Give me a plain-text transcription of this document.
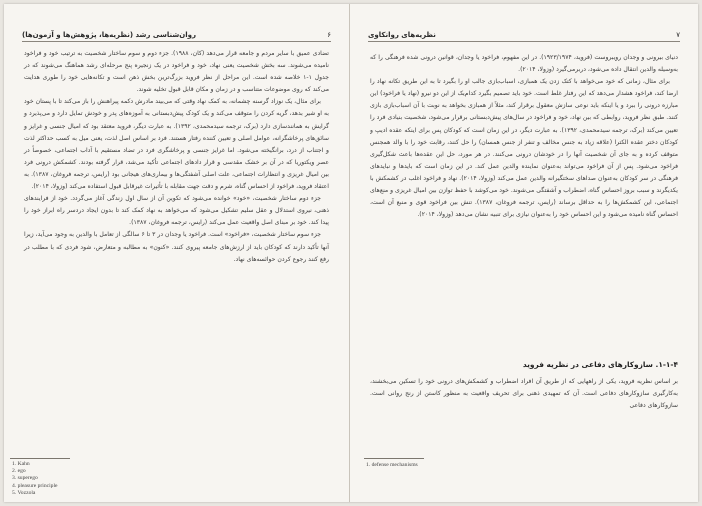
۶
روان‌شناسی رشد (نظریه‌ها، پژوهش‌ها و آزمون‌ها)

تضادی عمیق با سایر مردم و جامعه قرار می‌دهد (کان، ۱۹۸۸). جزء دوم و سوم ساختار شخصیت به ترتیب خود و فراخود نامیده می‌شوند. سه بخش شخصیت یعنی نهاد، خود و فراخود در یک زنجیره پنج مرحله‌ای رشد هماهنگ می‌شوند که در جدول ۱-۱ خلاصه شده است. این مراحل از نظر فروید بزرگ‌ترین بخش ذهن است و تکانه‌هایی خود را طوری هدایت می‌کند که روی موضوعات متناسب و در زمان و مکان قابل قبول تخلیه شوند.

برای مثال، یک نوزاد گرسنه چشمانه، به کمک نهاد وقتی که می‌بیند مادرش دکمه پیراهنش را باز می‌کند تا با پستان خود به او شیر بدهد، گریه کردن را متوقف می‌کند و یک کودک پیش‌دبستانی به آموزه‌های پدر و خودش تمایل دارد و می‌پذیرد و گرایش به همانندسازی دارد (برک، ترجمه سیدمحمدی، ۱۳۹۲). به عبارت دیگر، فروید معتقد بود که امیال جنسی و غرایز و سائق‌های پرخاشگرانه، عوامل اصلی و تعیین کننده رفتار هستند. فرد بر اساس اصل لذت، یعنی میل به کسب حداکثر لذت و اجتناب از درد، برانگیخته می‌شود. اما غرایز جنسی و پرخاشگری فرد در تضاد مستقیم با آداب اجتماعی، خصوصاً در عصر ویکتوریا که در آن بر خشک مقدسی و قرار دادهای اجتماعی تأکید می‌شد، قرار گرفته بودند. کشمکش درونی فرد بین امیال غریزی و انتظارات اجتماعی، علت اصلی آشفتگی‌ها و بیماری‌های هیجانی بود (رایس، ترجمه فروغان، ۱۳۸۷). به اعتقاد فروید، فراخود از احساس گناه، شرم و دقت جهت مقابله با تأثیرات غیرقابل قبول استفاده می‌کند (وزولا، ۲۰۱۴).

جزء دوم ساختار شخصیت، «خود» خوانده می‌شود که تکوین آن از سال اول زندگی آغاز می‌گردد. خود از فرایندهای ذهنی، نیروی استدلال و عقل سلیم تشکیل می‌شود که می‌خواهد به نهاد کمک کند تا بدون ایجاد دردسر راه ابراز خود را پیدا کند. خود بر مبنای اصل واقعیت عمل می‌کند (رایس، ترجمه فروغان، ۱۳۸۷).

جزء سوم ساختار شخصیت، «فراخود» است. فراخود یا وجدان در ۳ تا ۶ سالگی از تعامل با والدین به وجود می‌آید، زیرا آنها تأکید دارند که کودکان باید از ارزش‌های جامعه پیروی کنند. «کنون» به مطالبه و متعارض، شود فردی که با مطلب در رفع کنند رجوع کردن حوائسه‌های نهاد.

1. Kahn
2. ego
3. superego
4. pleasure principle
5. Vozzola
۷
نظریه‌های روانکاوی

دنیای بیرونی و وجدان رویبروست (فروید، ۱۹۲۳/۱۹۷۴). در این مفهوم، فراخود یا وجدان، قوانین درونی شده فرهنگی را که به‌وسیله والدین انتقال داده می‌شود، دربرمی‌گیرد (وزولا، ۲۰۱۴).

برای مثال، زمانی که خود می‌خواهد با کتک زدن یک همبازی، اسباب‌بازی جالب او را بگیرد تا به این طریق تکانه نهاد را ارضا کند، فراخود هشدار می‌دهد که این رفتار غلط است. خود باید تصمیم بگیرد کدام‌یک از این دو نیرو (نهاد یا فراخود) این مبارزه درونی را ببرد و یا اینکه باید نوعی سازش معقول برقرار کند، مثلاً از همبازی بخواهد به نوبت با آن اسباب‌بازی بازی کنند. طبق نظر فروید، روابطی که بین نهاد، خود و فراخود در سال‌های پیش‌دبستانی برقرار می‌شود، شخصیت بنیادی فرد را تعیین می‌کند (برک، ترجمه سیدمحمدی، ۱۳۹۲). به عبارت دیگر، در این زمان است که کودکان پس برای اینکه عقده ادیپ و کودکان دختر عقده الکترا (علاقه زیاد به جنس مخالف و تنفر از جنس همسان) را حل کنند، رقابت خود را با والد همجنس متوقف کرده و به جای آن شخصیت آنها را در خودشان درونی می‌کنند. در هر مورد، حل این عقده‌ها باعث شکل‌گیری فراخود می‌شود. پس از آن فراخود می‌تواند به‌عنوان نماینده والدین عمل کند. در این زمان است که بایدها و نبایدهای فرهنگی در سر کودکان به‌عنوان صداهای سختگیرانه والدین عمل می‌کند (وزولا، ۲۰۱۴). نهاد و فراخود اغلب در کشمکش با یکدیگرند و سبب بروز احساس گناه، اضطراب و آشفتگی می‌شوند. خود می‌کوشد با حفظ توازن بین امیال غریزی و منع‌های اجتماعی، این کشمکش‌ها را به حداقل برساند (رایس، ترجمه فروغان، ۱۳۸۷). تنش بین فراخود قوی و منبع آن است، احساس گناه نامیده می‌شود و این احساس خود را به‌عنوان نیازی برای تنبیه نشان می‌دهد (وزولا، ۲۰۱۴).

۱-۱-۴. سازوکارهای دفاعی در نظریه فروید

بر اساس نظریه فروید، یکی از راههایی که از طریق آن افراد اضطراب و کشمکش‌های درونی خود را تسکین می‌بخشند، به‌کارگیری سازوکارهای دفاعی است. آن که تمهیدی ذهنی برای تحریف واقعیت به منظور کاستن از رنج روانی است. سازوکارهای دفاعی

1. defense mechanisms
